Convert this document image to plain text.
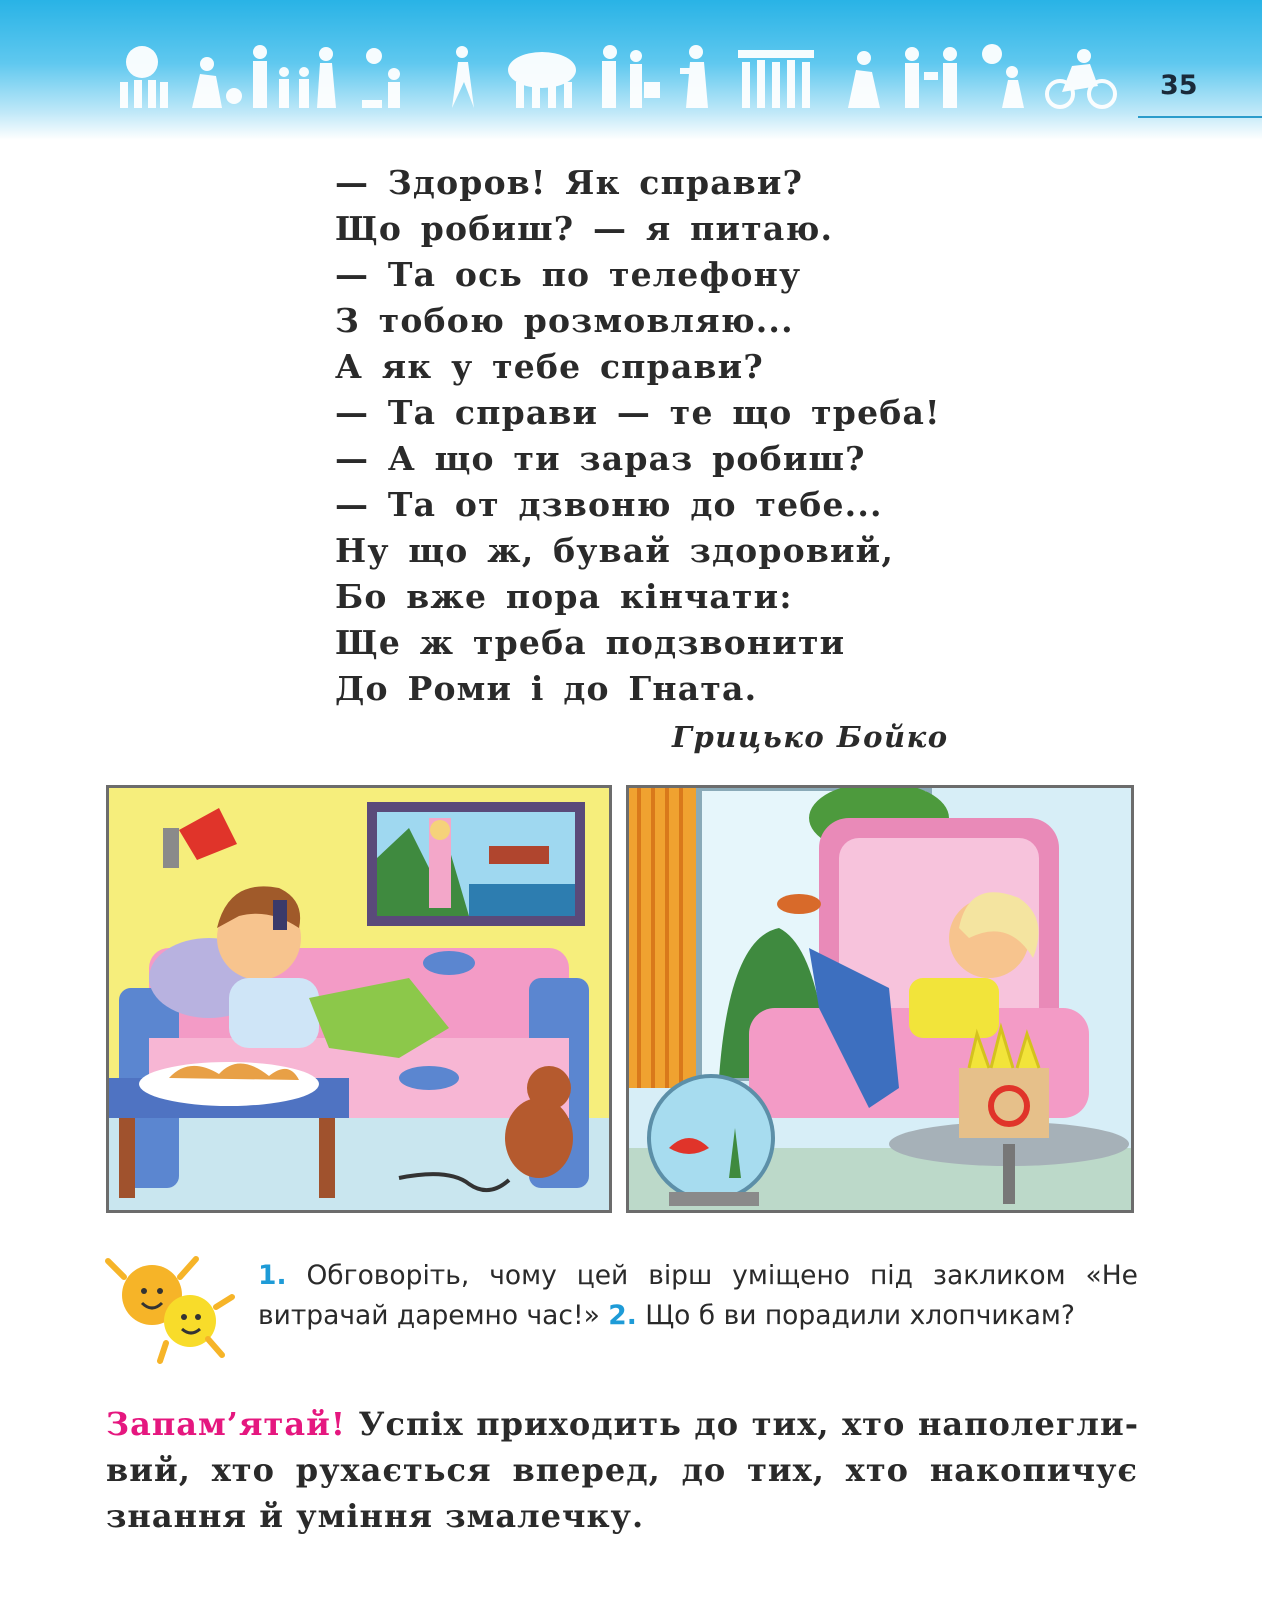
35
— Здоров! Як справи?
Що робиш? — я питаю.
— Та ось по телефону
З тобою розмовляю...
А як у тебе справи?
— Та справи — те що треба!
— А що ти зараз робиш?
— Та от дзвоню до тебе...
Ну що ж, бувай здоровий,
Бо вже пора кінчати:
Ще ж треба подзвонити
До Роми і до Гната.
Грицько Бойко

1. Обговоріть, чому цей вірш уміщено під закликом «Не витрачай даремно час!» 2. Що б ви порадили хлопчикам?

Запам’ятай! Успіх приходить до тих, хто наполегливий, хто рухається вперед, до тих, хто накопичує знання й уміння змалечку.
